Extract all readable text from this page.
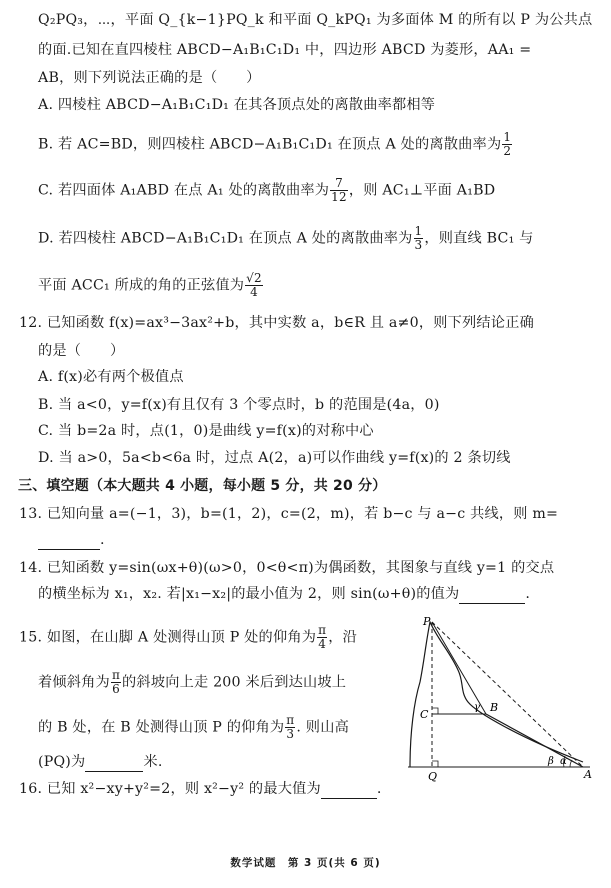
Q₂PQ₃，⋯，平面 Q_{k−1}PQ_k 和平面 Q_kPQ₁ 为多面体 M 的所有以 P 为公共点
的面.已知在直四棱柱 ABCD−A₁B₁C₁D₁ 中，四边形 ABCD 为菱形，AA₁ =
AB，则下列说法正确的是（　　）
A. 四棱柱 ABCD−A₁B₁C₁D₁ 在其各顶点处的离散曲率都相等
B. 若 AC=BD，则四棱柱 ABCD−A₁B₁C₁D₁ 在顶点 A 处的离散曲率为 $\frac{1}{2}$
C. 若四面体 A₁ABD 在点 A₁ 处的离散曲率为 $\frac{7}{12}$ ，则 AC₁⊥平面 A₁BD
D. 若四棱柱 ABCD−A₁B₁C₁D₁ 在顶点 A 处的离散曲率为 $\frac{1}{3}$ ，则直线 BC₁ 与
平面 ACC₁ 所成的角的正弦值为 $\frac{√2}{4}$
12. 已知函数 f(x)=ax³−3ax²+b，其中实数 a，b∈R 且 a≠0，则下列结论正确
的是（　　）
A. f(x)必有两个极值点
B. 当 a<0，y=f(x)有且仅有 3 个零点时，b 的范围是(4a，0)
C. 当 b=2a 时，点(1，0)是曲线 y=f(x)的对称中心
D. 当 a>0，5a<b<6a 时，过点 A(2，a)可以作曲线 y=f(x)的 2 条切线
三、填空题（本大题共 4 小题，每小题 5 分，共 20 分）
13. 已知向量 a=(−1，3)，b=(1，2)，c=(2，m)，若 b−c 与 a−c 共线，则 m=
.
14. 已知函数 y=sin(ωx+θ)(ω>0，0<θ<π)为偶函数，其图象与直线 y=1 的交点
的横坐标为 x₁，x₂. 若|x₁−x₂|的最小值为 2，则 sin(ω+θ)的值为	.
15. 如图，在山脚 A 处测得山顶 P 处的仰角为 $\frac{\pi}{4}$ ，沿
着倾斜角为 $\frac{\pi}{6}$ 的斜坡向上走 200 米后到达山坡上
的 B 处，在 B 处测得山顶 P 的仰角为 $\frac{\pi}{3}$ . 则山高
(PQ)为	米.
16. 已知 x²−xy+y²=2，则 x²−y² 的最大值为	.
P
B
C
Q	A
γ
β α
数学试题　第 3 页(共 6 页)
